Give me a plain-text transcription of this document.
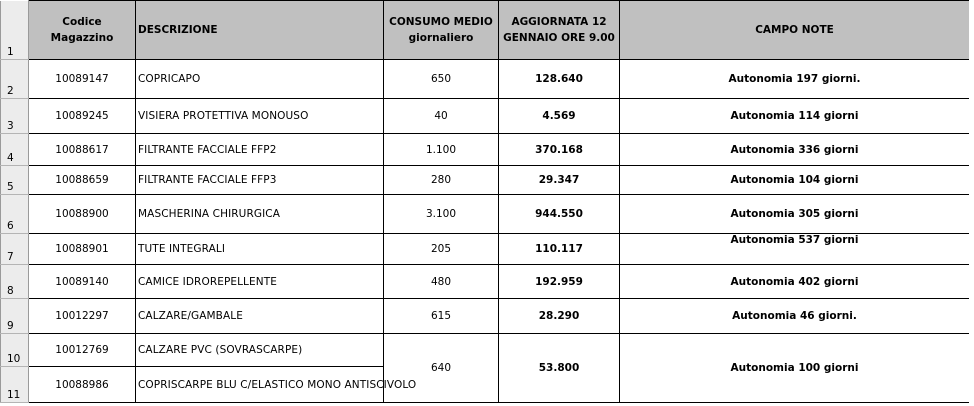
1	Codice Magazzino	DESCRIZIONE	CONSUMO MEDIO giornaliero	AGGIORNATA 12 GENNAIO ORE 9.00	CAMPO NOTE
2	10089147	COPRICAPO	650	128.640	Autonomia 197 giorni.
3	10089245	VISIERA PROTETTIVA MONOUSO	40	4.569	Autonomia 114 giorni
4	10088617	FILTRANTE FACCIALE FFP2	1.100	370.168	Autonomia 336 giorni
5	10088659	FILTRANTE FACCIALE FFP3	280	29.347	Autonomia 104 giorni
6	10088900	MASCHERINA CHIRURGICA	3.100	944.550	Autonomia 305 giorni
7	10088901	TUTE INTEGRALI	205	110.117	Autonomia 537 giorni
8	10089140	CAMICE IDROREPELLENTE	480	192.959	Autonomia 402 giorni
9	10012297	CALZARE/GAMBALE	615	28.290	Autonomia 46 giorni.
10	10012769	CALZARE PVC (SOVRASCARPE)	640	53.800	Autonomia 100 giorni
11	10088986	COPRISCARPE BLU C/ELASTICO MONO ANTISCIVOLO			
